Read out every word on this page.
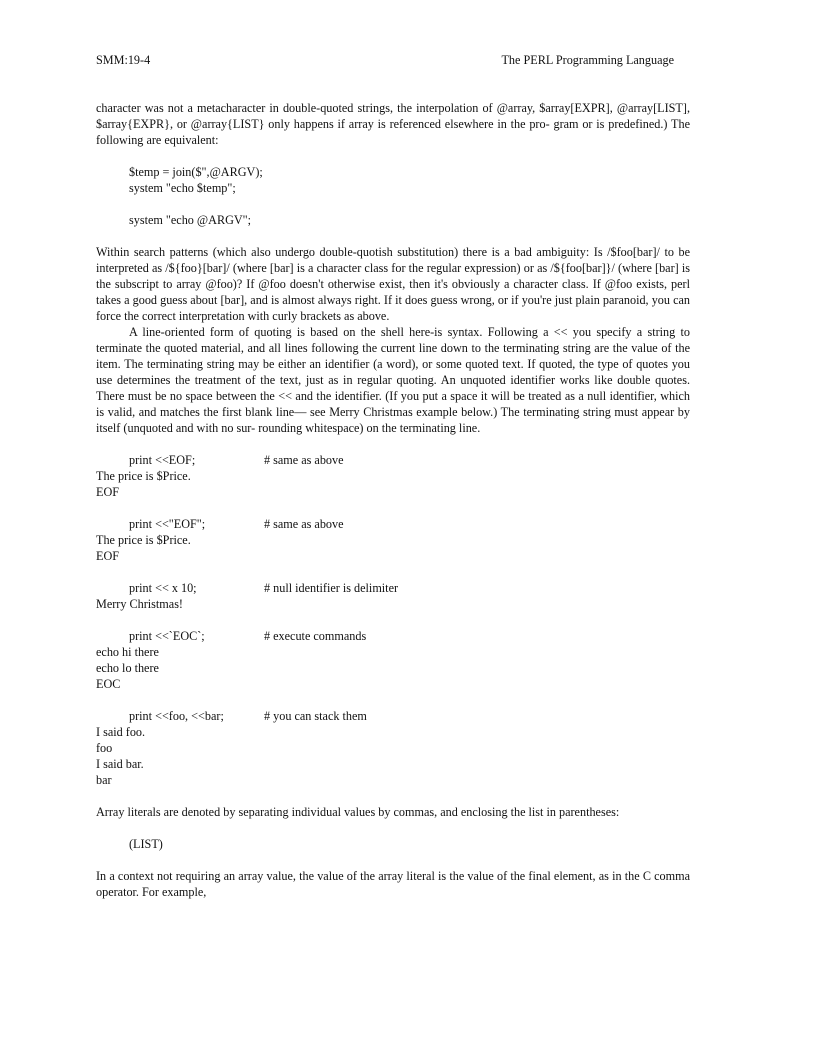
SMM:19-4	The PERL Programming Language

character was not a metacharacter in double-quoted strings, the interpolation of @array, $array[EXPR], @array[LIST], $array{EXPR}, or @array{LIST} only happens if array is referenced elsewhere in the pro- gram or is predefined.) The following are equivalent:

$temp = join($",@ARGV);
system "echo $temp";
system "echo @ARGV";

Within search patterns (which also undergo double-quotish substitution) there is a bad ambiguity: Is /$foo[bar]/ to be interpreted as /${foo}[bar]/ (where [bar] is a character class for the regular expression) or as /${foo[bar]}/ (where [bar] is the subscript to array @foo)? If @foo doesn't otherwise exist, then it's obviously a character class. If @foo exists, perl takes a good guess about [bar], and is almost always right. If it does guess wrong, or if you're just plain paranoid, you can force the correct interpretation with curly brackets as above.

A line-oriented form of quoting is based on the shell here-is syntax. Following a << you specify a string to terminate the quoted material, and all lines following the current line down to the terminating string are the value of the item. The terminating string may be either an identifier (a word), or some quoted text. If quoted, the type of quotes you use determines the treatment of the text, just as in regular quoting. An unquoted identifier works like double quotes. There must be no space between the << and the identifier. (If you put a space it will be treated as a null identifier, which is valid, and matches the first blank line— see Merry Christmas example below.) The terminating string must appear by itself (unquoted and with no sur- rounding whitespace) on the terminating line.

print <<EOF;	# same as above
The price is $Price.
EOF
print <<"EOF";	# same as above
The price is $Price.
EOF
print << x 10;	# null identifier is delimiter
Merry Christmas!
print <<`EOC`;	# execute commands
echo hi there
echo lo there
EOC
print <<foo, <<bar;	# you can stack them
I said foo.
foo
I said bar.
bar

Array literals are denoted by separating individual values by commas, and enclosing the list in parentheses:

(LIST)

In a context not requiring an array value, the value of the array literal is the value of the final element, as in the C comma operator. For example,
